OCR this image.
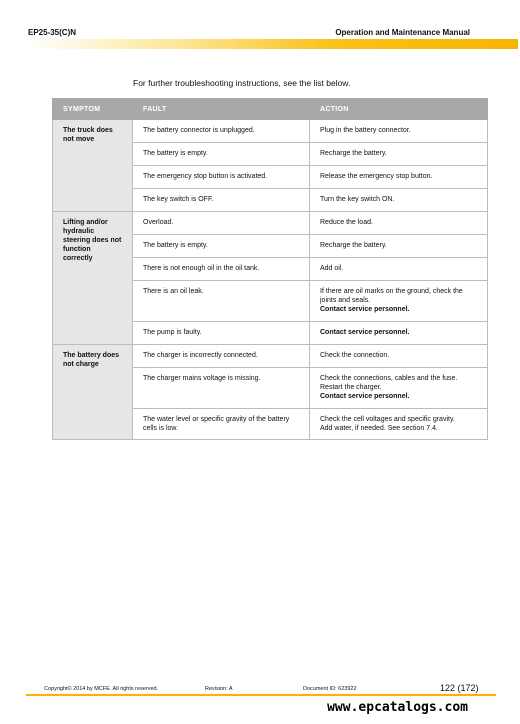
EP25-35(C)N	Operation and Maintenance Manual
For further troubleshooting instructions, see the list below.
SYMPTOM	FAULT	ACTION
The truck does not move	The battery connector is unplugged.	Plug in the battery connector.

	The battery is empty.	Recharge the battery.

	The emergency stop button is activated.	Release the emergency stop button.

	The key switch is OFF.	Turn the key switch ON.

Lifting and/or hydraulic steering does not function correctly	Overload.	Reduce the load.

	The battery is empty.	Recharge the battery.

	There is not enough oil in the oil tank.	Add oil.

	There is an oil leak.	If there are oil marks on the ground, check the joints and seals.
Contact service personnel.

	The pump is faulty.	Contact service personnel.

The battery does not charge	The charger is incorrectly connected.	Check the connection.

	The charger mains voltage is missing.	Check the connections, cables and the fuse.
Restart the charger.
Contact service personnel.

	The water level or specific gravity of the battery cells is low.	Check the cell voltages and specific gravity.
Add water, if needed. See section 7.4.
Copyright© 2014 by MCFE. All rights reserved.	Revision: A	Document ID: 623922	122 (172)
www.epcatalogs.com
